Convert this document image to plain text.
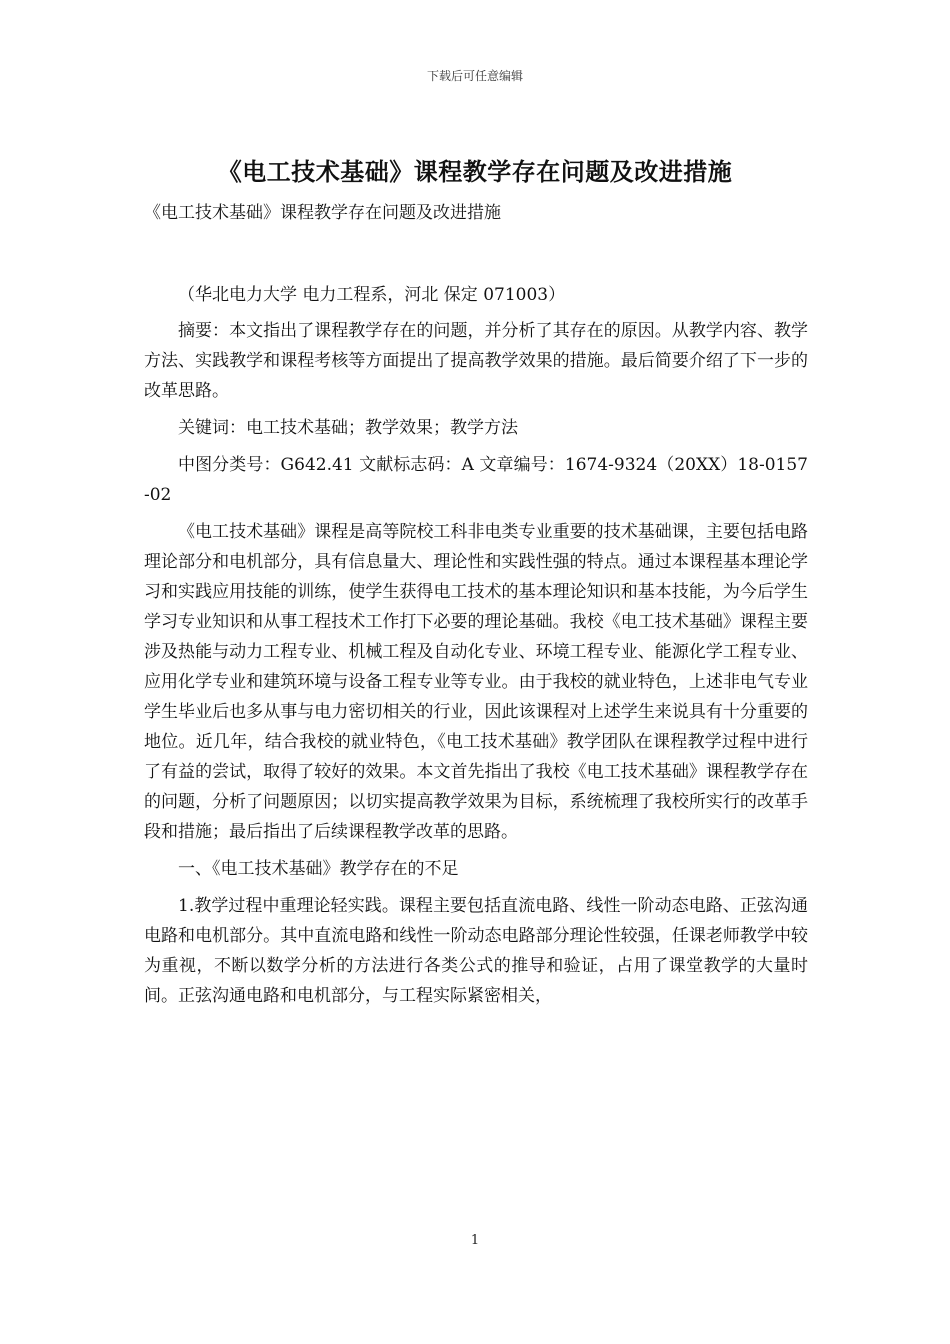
下载后可任意编辑
《电工技术基础》课程教学存在问题及改进措施

《电工技术基础》课程教学存在问题及改进措施

（华北电力大学 电力工程系，河北 保定 071003）

摘要：本文指出了课程教学存在的问题，并分析了其存在的原因。从教学内容、教学方法、实践教学和课程考核等方面提出了提高教学效果的措施。最后简要介绍了下一步的改革思路。

关键词：电工技术基础；教学效果；教学方法

中图分类号：G642.41 文献标志码：A 文章编号：1674-9324（20XX）18-0157-02

《电工技术基础》课程是高等院校工科非电类专业重要的技术基础课，主要包括电路理论部分和电机部分，具有信息量大、理论性和实践性强的特点。通过本课程基本理论学习和实践应用技能的训练，使学生获得电工技术的基本理论知识和基本技能，为今后学生学习专业知识和从事工程技术工作打下必要的理论基础。我校《电工技术基础》课程主要涉及热能与动力工程专业、机械工程及自动化专业、环境工程专业、能源化学工程专业、应用化学专业和建筑环境与设备工程专业等专业。由于我校的就业特色，上述非电气专业学生毕业后也多从事与电力密切相关的行业，因此该课程对上述学生来说具有十分重要的地位。近几年，结合我校的就业特色，《电工技术基础》教学团队在课程教学过程中进行了有益的尝试，取得了较好的效果。本文首先指出了我校《电工技术基础》课程教学存在的问题，分析了问题原因；以切实提高教学效果为目标，系统梳理了我校所实行的改革手段和措施；最后指出了后续课程教学改革的思路。

一、《电工技术基础》教学存在的不足

1.教学过程中重理论轻实践。课程主要包括直流电路、线性一阶动态电路、正弦沟通电路和电机部分。其中直流电路和线性一阶动态电路部分理论性较强，任课老师教学中较为重视，不断以数学分析的方法进行各类公式的推导和验证，占用了课堂教学的大量时间。正弦沟通电路和电机部分，与工程实际紧密相关，

1
